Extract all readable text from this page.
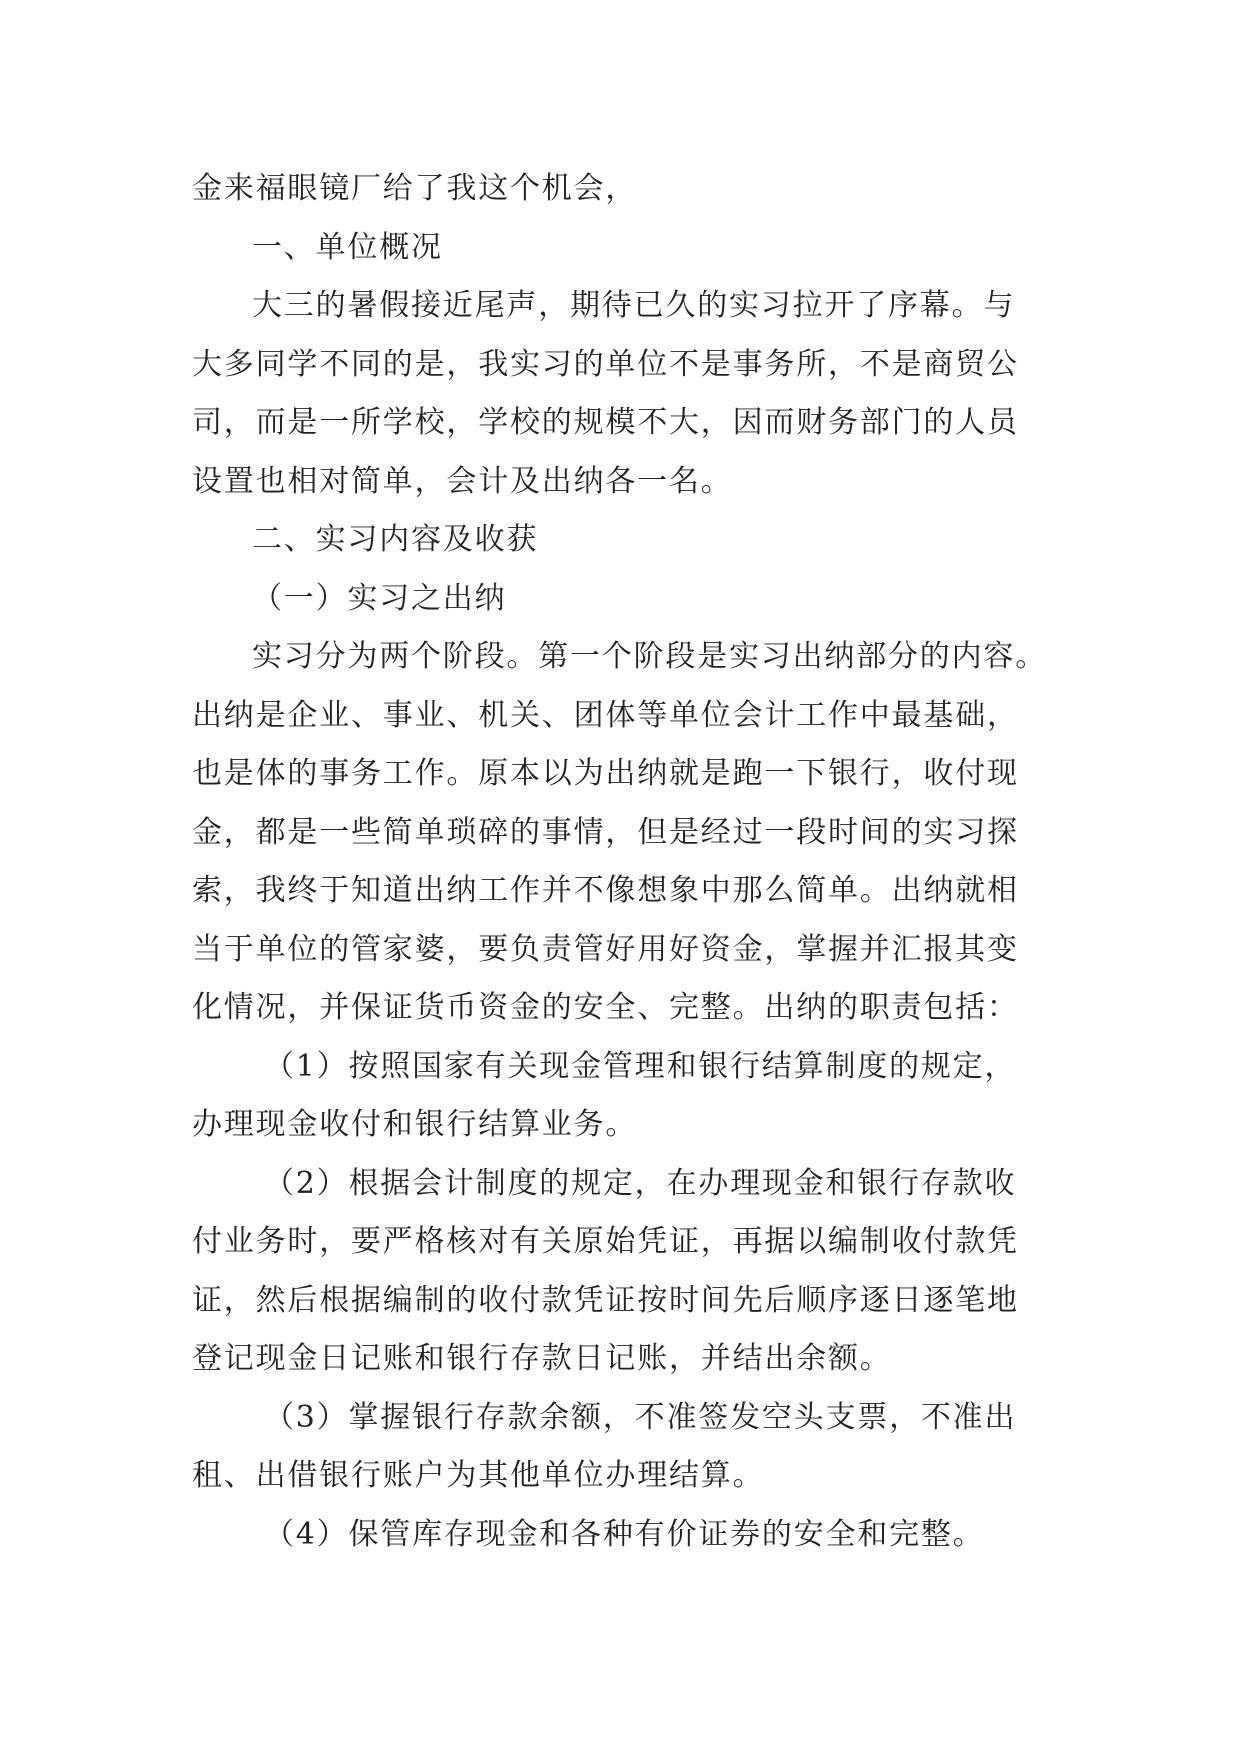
金来福眼镜厂给了我这个机会，

一、单位概况

大三的暑假接近尾声，期待已久的实习拉开了序幕。与

大多同学不同的是，我实习的单位不是事务所，不是商贸公

司，而是一所学校，学校的规模不大，因而财务部门的人员

设置也相对简单，会计及出纳各一名。

二、实习内容及收获

（一）实习之出纳

实习分为两个阶段。第一个阶段是实习出纳部分的内容。

出纳是企业、事业、机关、团体等单位会计工作中最基础，

也是体的事务工作。原本以为出纳就是跑一下银行，收付现

金，都是一些简单琐碎的事情，但是经过一段时间的实习探

索，我终于知道出纳工作并不像想象中那么简单。出纳就相

当于单位的管家婆，要负责管好用好资金，掌握并汇报其变

化情况，并保证货币资金的安全、完整。出纳的职责包括：

（1）按照国家有关现金管理和银行结算制度的规定，

办理现金收付和银行结算业务。

（2）根据会计制度的规定，在办理现金和银行存款收

付业务时，要严格核对有关原始凭证，再据以编制收付款凭

证，然后根据编制的收付款凭证按时间先后顺序逐日逐笔地

登记现金日记账和银行存款日记账，并结出余额。

（3）掌握银行存款余额，不准签发空头支票，不准出

租、出借银行账户为其他单位办理结算。

（4）保管库存现金和各种有价证券的安全和完整。
